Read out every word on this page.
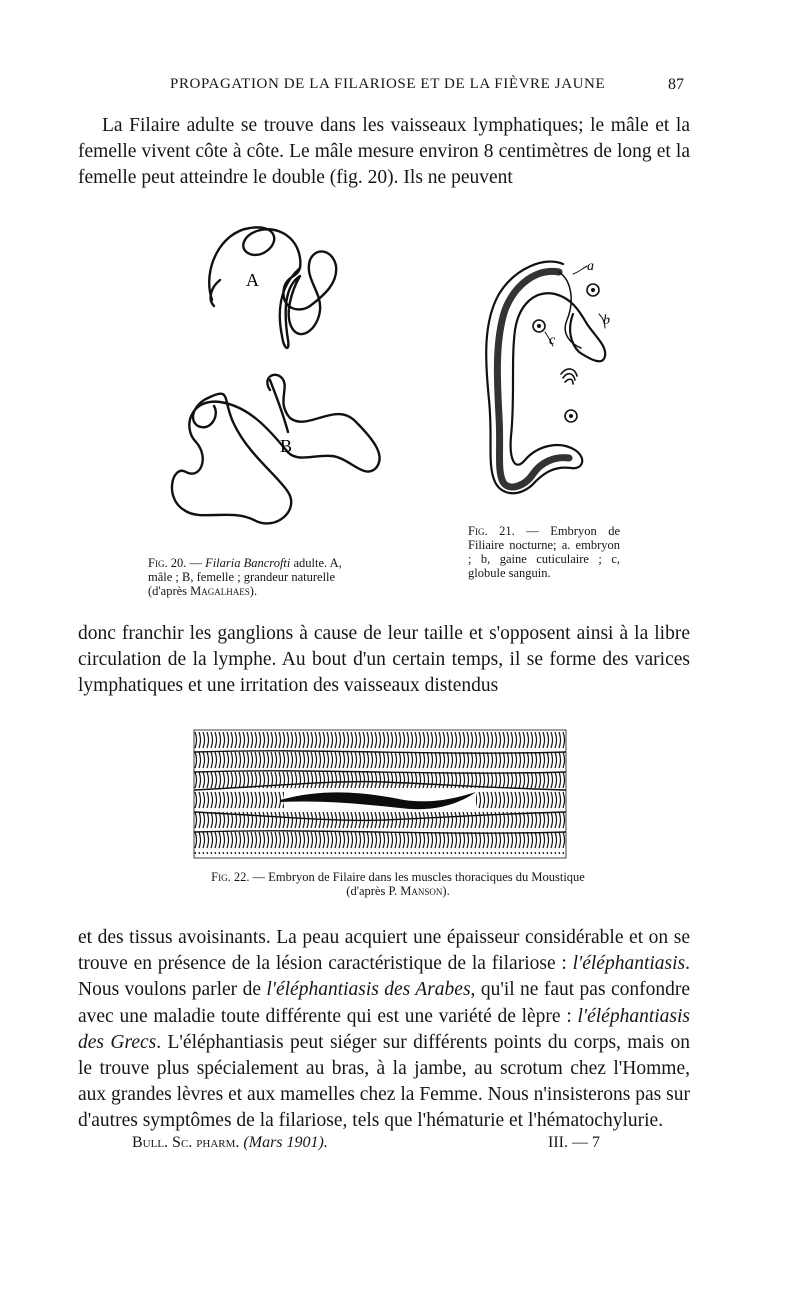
PROPAGATION DE LA FILARIOSE ET DE LA FIÈVRE JAUNE	87

La Filaire adulte se trouve dans les vaisseaux lymphatiques; le mâle et la femelle vivent côte à côte. Le mâle mesure environ 8 centimètres de long et la femelle peut atteindre le double (fig. 20). Ils ne peuvent

A
B
Fig. 20. — Filaria Bancrofti adulte. A, mâle ; B, femelle ; grandeur naturelle (d'après Magalhaes).
a
b
c
Fig. 21. — Embryon de Filiaire nocturne; a. embryon ; b, gaine cuticulaire ; c, globule sanguin.

donc franchir les ganglions à cause de leur taille et s'opposent ainsi à la libre circulation de la lymphe. Au bout d'un certain temps, il se forme des varices lymphatiques et une irritation des vaisseaux distendus

Fig. 22. — Embryon de Filaire dans les muscles thoraciques du Moustique
(d'après P. Manson).

et des tissus avoisinants. La peau acquiert une épaisseur considérable et on se trouve en présence de la lésion caractéristique de la filariose : l'éléphantiasis. Nous voulons parler de l'éléphantiasis des Arabes, qu'il ne faut pas confondre avec une maladie toute différente qui est une variété de lèpre : l'éléphantiasis des Grecs. L'éléphantiasis peut siéger sur différents points du corps, mais on le trouve plus spécialement au bras, à la jambe, au scrotum chez l'Homme, aux grandes lèvres et aux mamelles chez la Femme. Nous n'insisterons pas sur d'autres symptômes de la filariose, tels que l'hématurie et l'hématochylurie.

Bull. Sc. pharm. (Mars 1901).	III. — 7
